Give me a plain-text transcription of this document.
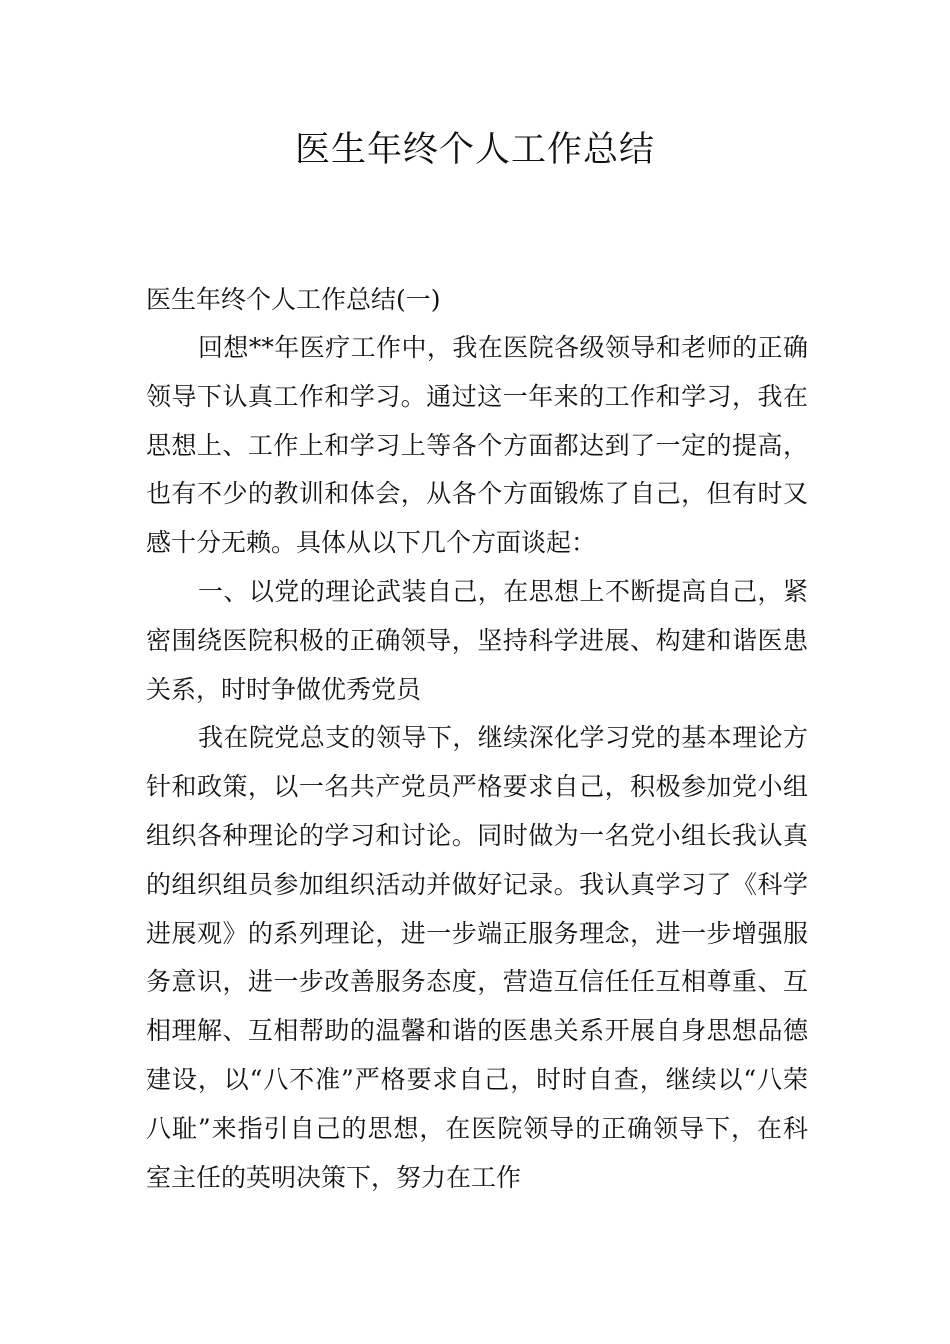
医生年终个人工作总结

医生年终个人工作总结(一)

回想**年医疗工作中，我在医院各级领导和老师的正确领导下认真工作和学习。通过这一年来的工作和学习，我在思想上、工作上和学习上等各个方面都达到了一定的提高，也有不少的教训和体会，从各个方面锻炼了自己，但有时又感十分无赖。具体从以下几个方面谈起：

一、以党的理论武装自己，在思想上不断提高自己，紧密围绕医院积极的正确领导，坚持科学进展、构建和谐医患关系，时时争做优秀党员

我在院党总支的领导下，继续深化学习党的基本理论方针和政策，以一名共产党员严格要求自己，积极参加党小组组织各种理论的学习和讨论。同时做为一名党小组长我认真的组织组员参加组织活动并做好记录。我认真学习了《科学进展观》的系列理论，进一步端正服务理念，进一步增强服务意识，进一步改善服务态度，营造互信任任互相尊重、互相理解、互相帮助的温馨和谐的医患关系开展自身思想品德建设，以“八不准”严格要求自己，时时自查，继续以“八荣八耻”来指引自己的思想，在医院领导的正确领导下，在科室主任的英明决策下，努力在工作
